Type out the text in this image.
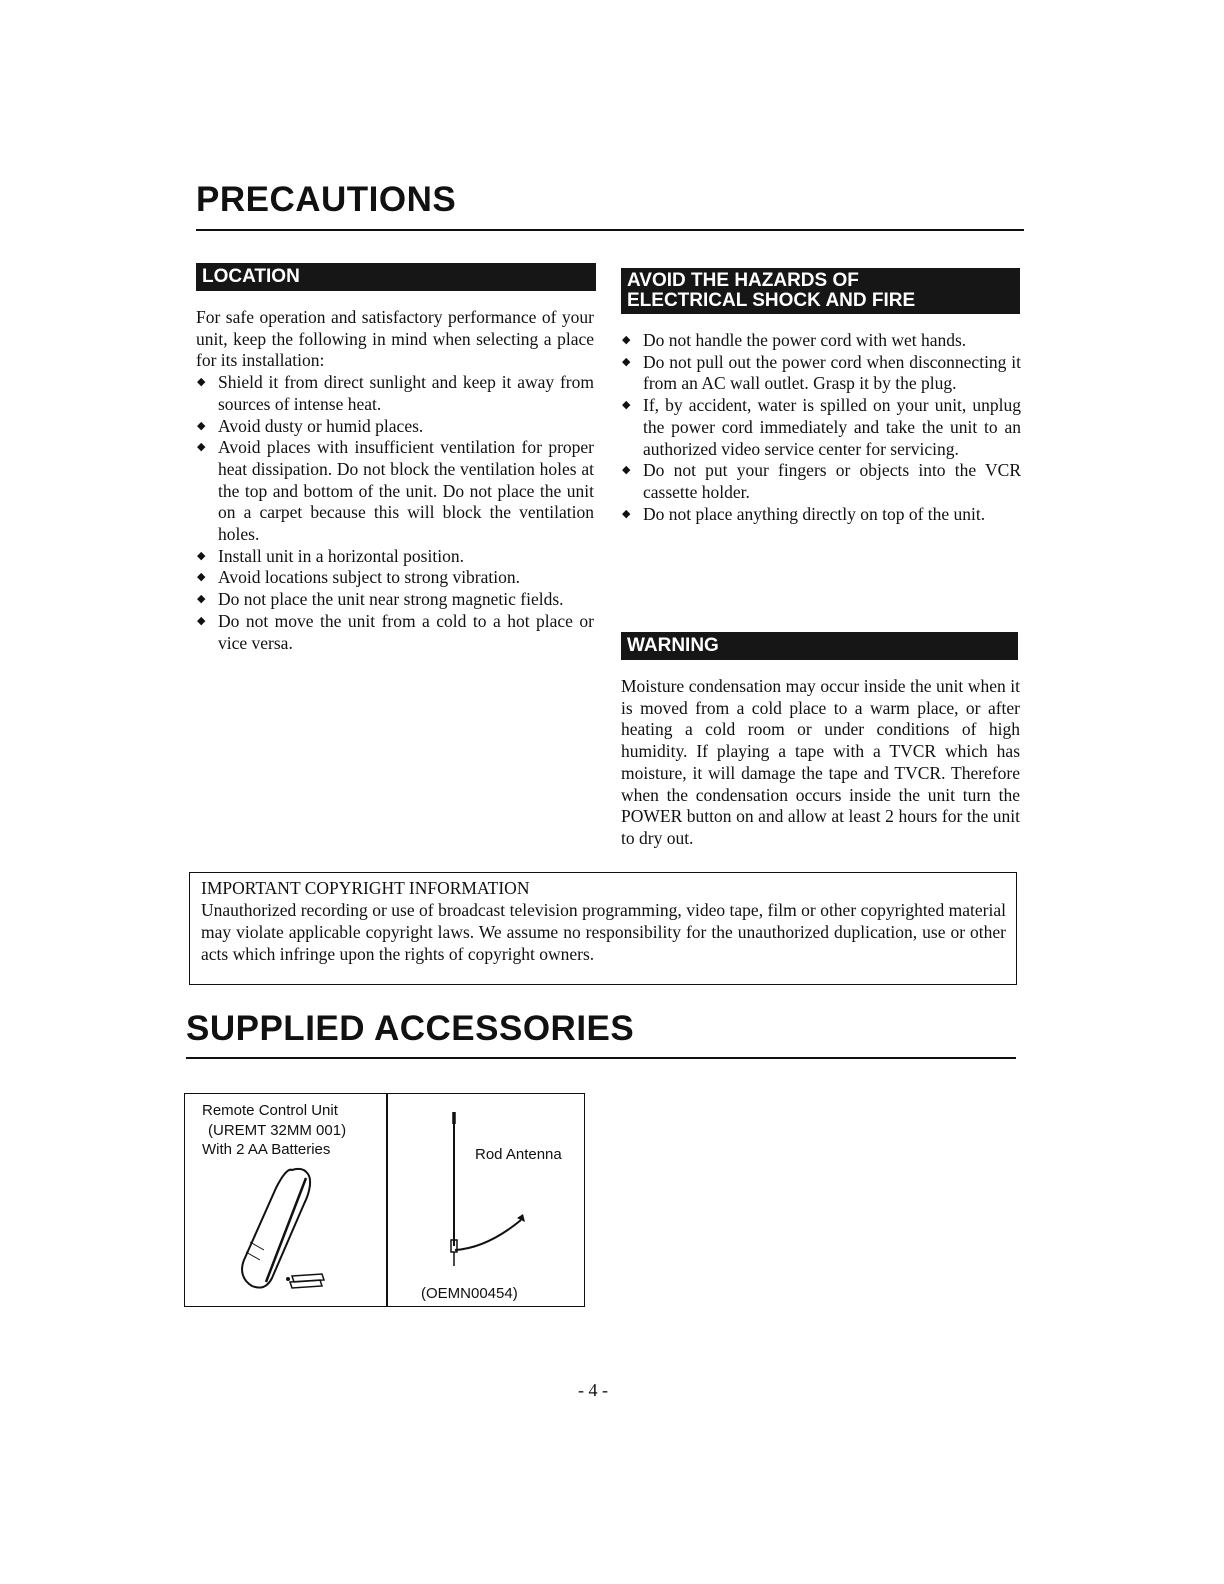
PRECAUTIONS
LOCATION

For safe operation and satisfactory performance of your unit, keep the following in mind when selecting a place for its installation:

◆ Shield it from direct sunlight and keep it away from sources of intense heat.
◆ Avoid dusty or humid places.
◆ Avoid places with insufficient ventilation for proper heat dissipation. Do not block the ventilation holes at the top and bottom of the unit. Do not place the unit on a carpet because this will block the ventilation holes.
◆ Install unit in a horizontal position.
◆ Avoid locations subject to strong vibration.
◆ Do not place the unit near strong magnetic fields.
◆ Do not move the unit from a cold to a hot place or vice versa.
AVOID THE HAZARDS OF
ELECTRICAL SHOCK AND FIRE
◆ Do not handle the power cord with wet hands.
◆ Do not pull out the power cord when disconnecting it from an AC wall outlet. Grasp it by the plug.
◆ If, by accident, water is spilled on your unit, unplug the power cord immediately and take the unit to an authorized video service center for servicing.
◆ Do not put your fingers or objects into the VCR cassette holder.
◆ Do not place anything directly on top of the unit.
WARNING

Moisture condensation may occur inside the unit when it is moved from a cold place to a warm place, or after heating a cold room or under conditions of high humidity. If playing a tape with a TVCR which has moisture, it will damage the tape and TVCR. Therefore when the condensation occurs inside the unit turn the POWER button on and allow at least 2 hours for the unit to dry out.

IMPORTANT COPYRIGHT INFORMATION

Unauthorized recording or use of broadcast television programming, video tape, film or other copyrighted material may violate applicable copyright laws. We assume no responsibility for the unauthorized duplication, use or other acts which infringe upon the rights of copyright owners.

SUPPLIED ACCESSORIES
Remote Control Unit
(UREMT 32MM 001)
With 2 AA Batteries	Rod Antenna
(OEMN00454)
- 4 -
